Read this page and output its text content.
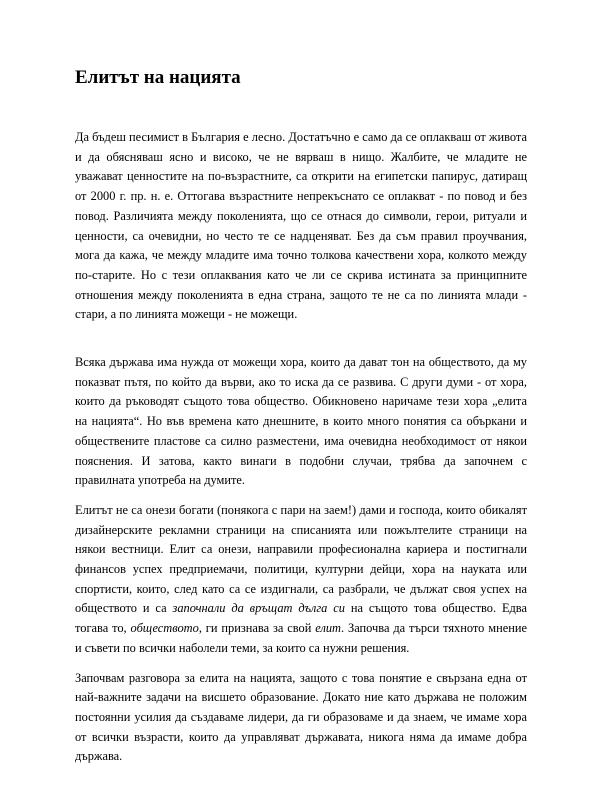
Елитът на нацията

Да бъдеш песимист в България е лесно. Достатъчно е само да се оплакваш от живота и да обясняваш ясно и високо, че не вярваш в нищо. Жалбите, че младите не уважават ценностите на по-възрастните, са открити на египетски папирус, датиращ от 2000 г. пр. н. е. Оттогава възрастните непрекъснато се оплакват - по повод и без повод. Различията между поколенията, що се отнася до символи, герои, ритуали и ценности, са очевидни, но често те се надценяват. Без да съм правил проучвания, мога да кажа, че между младите има точно толкова качествени хора, колкото между по-старите. Но с тези оплаквания като че ли се скрива истината за принципните отношения между поколенията в една страна, защото те не са по линията млади - стари, а по линията можещи - не можещи.

Всяка държава има нужда от можещи хора, които да дават тон на обществото, да му показват пътя, по който да върви, ако то иска да се развива. С други думи - от хора, които да ръководят същото това общество. Обикновено наричаме тези хора „елита на нацията“. Но във времена като днешните, в които много понятия са объркани и обществените пластове са силно разместени, има очевидна необходимост от някои пояснения. И затова, както винаги в подобни случаи, трябва да започнем с правилната употреба на думите.

Елитът не са онези богати (понякога с пари на заем!) дами и господа, които обикалят дизайнерските рекламни страници на списанията или пожълтелите страници на някои вестници. Елит са онези, направили професионална кариера и постигнали финансов успех предприемачи, политици, културни дейци, хора на науката или спортисти, които, след като са се издигнали, са разбрали, че дължат своя успех на обществото и са започнали да връщат дълга си на същото това общество. Едва тогава то, обществото, ги признава за свой елит. Започва да търси тяхното мнение и съвети по всички наболели теми, за които са нужни решения.

Започвам разговора за елита на нацията, защото с това понятие е свързана една от най-важните задачи на висшето образование. Докато ние като държава не положим постоянни усилия да създаваме лидери, да ги образоваме и да знаем, че имаме хора от всички възрасти, които да управляват държавата, никога няма да имаме добра държава.
